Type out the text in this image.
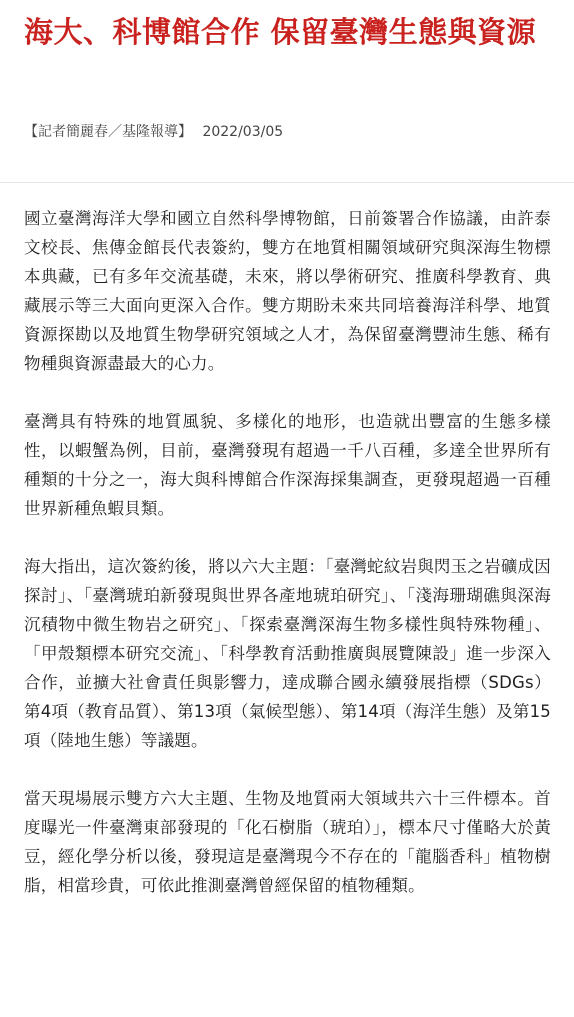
海大、科博館合作 保留臺灣生態與資源
【記者簡麗春／基隆報導】 2022/03/05

國立臺灣海洋大學和國立自然科學博物館，日前簽署合作協議，由許泰文校長、焦傳金館長代表簽約，雙方在地質相關領域研究與深海生物標本典藏，已有多年交流基礎，未來，將以學術研究、推廣科學教育、典藏展示等三大面向更深入合作。雙方期盼未來共同培養海洋科學、地質資源探勘以及地質生物學研究領域之人才，為保留臺灣豐沛生態、稀有物種與資源盡最大的心力。

臺灣具有特殊的地質風貌、多樣化的地形，也造就出豐富的生態多樣性，以蝦蟹為例，目前，臺灣發現有超過一千八百種，多達全世界所有種類的十分之一，海大與科博館合作深海採集調查，更發現超過一百種世界新種魚蝦貝類。

海大指出，這次簽約後，將以六大主題：「臺灣蛇紋岩與閃玉之岩礦成因探討」、「臺灣琥珀新發現與世界各產地琥珀研究」、「淺海珊瑚礁與深海沉積物中微生物岩之研究」、「探索臺灣深海生物多樣性與特殊物種」、「甲殼類標本研究交流」、「科學教育活動推廣與展覽陳設」進一步深入合作，並擴大社會責任與影響力，達成聯合國永續發展指標（SDGs）第4項（教育品質）、第13項（氣候型態）、第14項（海洋生態）及第15項（陸地生態）等議題。

當天現場展示雙方六大主題、生物及地質兩大領域共六十三件標本。首度曝光一件臺灣東部發現的「化石樹脂（琥珀）」，標本尺寸僅略大於黃豆，經化學分析以後，發現這是臺灣現今不存在的「龍腦香科」植物樹脂，相當珍貴，可依此推測臺灣曾經保留的植物種類。
